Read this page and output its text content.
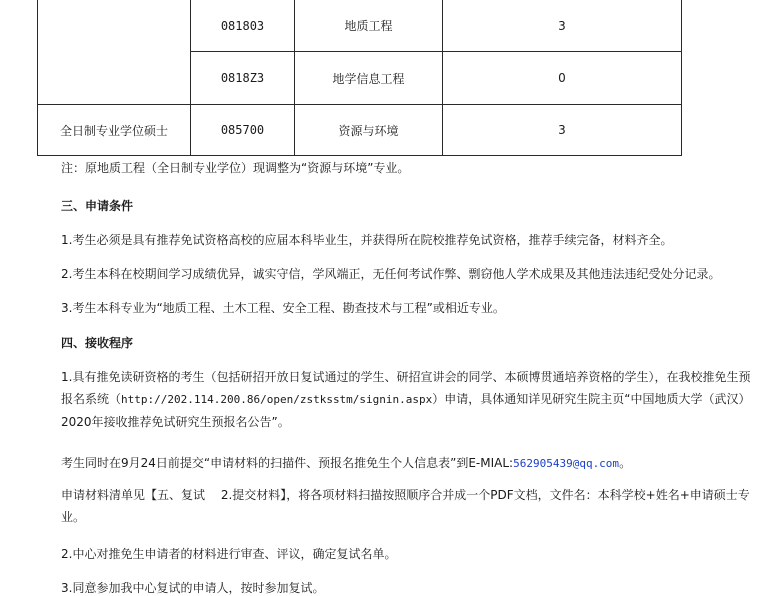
	081803	地质工程	3
	0818Z3	地学信息工程	0
全日制专业学位硕士	085700	资源与环境	3
注：原地质工程（全日制专业学位）现调整为“资源与环境”专业。
三、申请条件
1.考生必须是具有推荐免试资格高校的应届本科毕业生，并获得所在院校推荐免试资格，推荐手续完备，材料齐全。
2.考生本科在校期间学习成绩优异，诚实守信，学风端正，无任何考试作弊、剽窃他人学术成果及其他违法违纪受处分记录。
3.考生本科专业为“地质工程、土木工程、安全工程、勘查技术与工程”或相近专业。
四、接收程序
1.具有推免读研资格的考生（包括研招开放日复试通过的学生、研招宣讲会的同学、本硕博贯通培养资格的学生），在我校推免生预报名系统（http://202.114.200.86/open/zstksstm/signin.aspx）申请，具体通知详见研究生院主页“中国地质大学（武汉）2020年接收推荐免试研究生预报名公告”。
考生同时在9月24日前提交“申请材料的扫描件、预报名推免生个人信息表”到E-MIAL:562905439@qq.com。
申请材料清单见【五、复试　 2.提交材料】，将各项材料扫描按照顺序合并成一个PDF文档，文件名：本科学校+姓名+申请硕士专业。
2.中心对推免生申请者的材料进行审查、评议，确定复试名单。
3.同意参加我中心复试的申请人，按时参加复试。
